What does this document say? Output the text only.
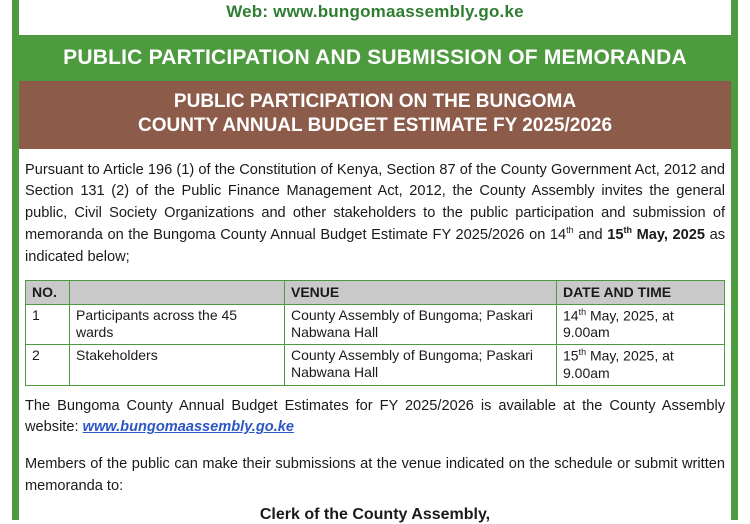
Web: www.bungomaassembly.go.ke
PUBLIC PARTICIPATION AND SUBMISSION OF MEMORANDA
PUBLIC PARTICIPATION ON THE BUNGOMA
COUNTY ANNUAL BUDGET ESTIMATE FY 2025/2026
Pursuant to Article 196 (1) of the Constitution of Kenya, Section 87 of the County Government Act, 2012 and Section 131 (2) of the Public Finance Management Act, 2012, the County Assembly invites the general public, Civil Society Organizations and other stakeholders to the public participation and submission of memoranda on the Bungoma County Annual Budget Estimate FY 2025/2026 on 14th and 15th May, 2025 as indicated below;
NO.		VENUE	DATE AND TIME
1	Participants across the 45 wards	County Assembly of Bungoma; Paskari Nabwana Hall	14th May, 2025, at 9.00am
2	Stakeholders	County Assembly of Bungoma; Paskari Nabwana Hall	15th May, 2025, at 9.00am
The Bungoma County Annual Budget Estimates for FY 2025/2026 is available at the County Assembly website: www.bungomaassembly.go.ke
Members of the public can make their submissions at the venue indicated on the schedule or submit written memoranda to:
Clerk of the County Assembly,
